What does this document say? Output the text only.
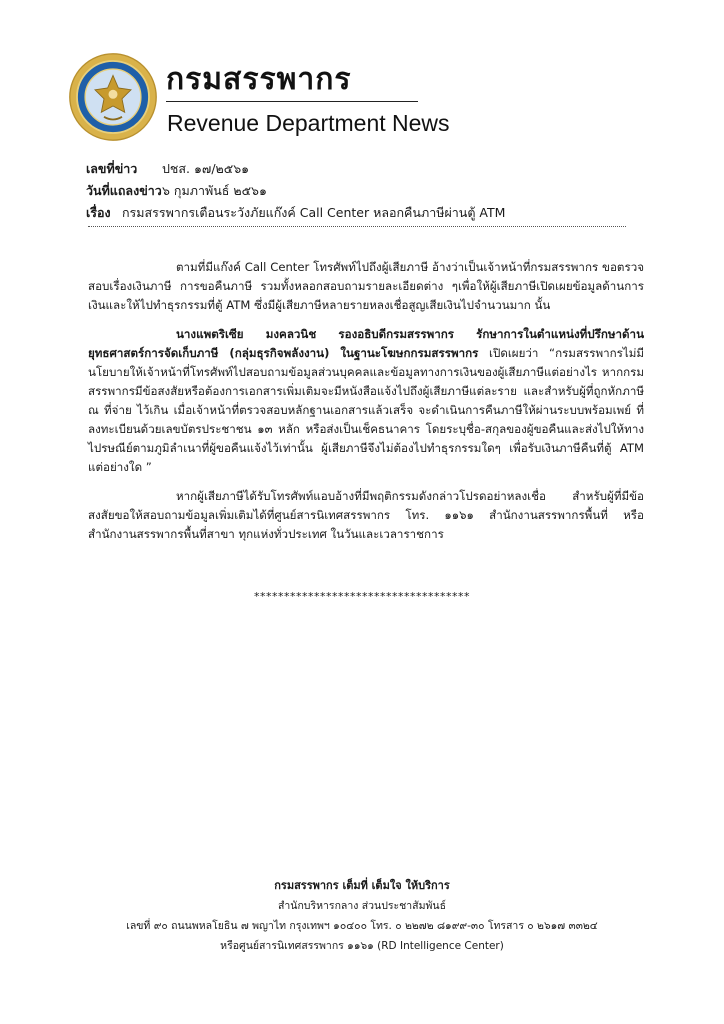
กรมสรรพากร
Revenue Department News
เลขที่ข่าว ปชส. ๑๗/๒๕๖๑
วันที่แถลงข่าว ๖ กุมภาพันธ์ ๒๕๖๑
เรื่อง กรมสรรพากรเตือนระวังภัยแก๊งค์ Call Center หลอกคืนภาษีผ่านตู้ ATM

ตามที่มีแก๊งค์ Call Center โทรศัพท์ไปถึงผู้เสียภาษี อ้างว่าเป็นเจ้าหน้าที่กรมสรรพากร ขอตรวจสอบเรื่องเงินภาษี การขอคืนภาษี รวมทั้งหลอกสอบถามรายละเอียดต่าง ๆเพื่อให้ผู้เสียภาษีเปิดเผยข้อมูลด้านการเงินและให้ไปทำธุรกรรมที่ตู้ ATM ซึ่งมีผู้เสียภาษีหลายรายหลงเชื่อสูญเสียเงินไปจำนวนมาก นั้น

นางแพตริเซีย มงคลวนิช รองอธิบดีกรมสรรพากร รักษาการในตำแหน่งที่ปรึกษาด้านยุทธศาสตร์การจัดเก็บภาษี (กลุ่มธุรกิจพลังงาน) ในฐานะโฆษกกรมสรรพากร เปิดเผยว่า “กรมสรรพากรไม่มีนโยบายให้เจ้าหน้าที่โทรศัพท์ไปสอบถามข้อมูลส่วนบุคคลและข้อมูลทางการเงินของผู้เสียภาษีแต่อย่างไร หากกรมสรรพากรมีข้อสงสัยหรือต้องการเอกสารเพิ่มเติมจะมีหนังสือแจ้งไปถึงผู้เสียภาษีแต่ละราย และสำหรับผู้ที่ถูกหักภาษี ณ ที่จ่าย ไว้เกิน เมื่อเจ้าหน้าที่ตรวจสอบหลักฐานเอกสารแล้วเสร็จ จะดำเนินการคืนภาษีให้ผ่านระบบพร้อมเพย์ ที่ลงทะเบียนด้วยเลขบัตรประชาชน ๑๓ หลัก หรือส่งเป็นเช็คธนาคาร โดยระบุชื่อ-สกุลของผู้ขอคืนและส่งไปให้ทางไปรษณีย์ตามภูมิลำเนาที่ผู้ขอคืนแจ้งไว้เท่านั้น ผู้เสียภาษีจึงไม่ต้องไปทำธุรกรรมใดๆ เพื่อรับเงินภาษีคืนที่ตู้ ATM แต่อย่างใด ”

หากผู้เสียภาษีได้รับโทรศัพท์แอบอ้างที่มีพฤติกรรมดังกล่าวโปรดอย่าหลงเชื่อ สำหรับผู้ที่มีข้อสงสัยขอให้สอบถามข้อมูลเพิ่มเติมได้ที่ศูนย์สารนิเทศสรรพากร โทร. ๑๑๖๑ สำนักงานสรรพากรพื้นที่ หรือสำนักงานสรรพากรพื้นที่สาขา ทุกแห่งทั่วประเทศ ในวันและเวลาราชการ

************************************
กรมสรรพากร เต็มที่ เต็มใจ ให้บริการ
สำนักบริหารกลาง ส่วนประชาสัมพันธ์
เลขที่ ๙๐ ถนนพหลโยธิน ๗ พญาไท กรุงเทพฯ ๑๐๔๐๐ โทร. ๐ ๒๒๗๒ ๘๑๙๙-๓๐ โทรสาร ๐ ๒๖๑๗ ๓๓๒๔
หรือศูนย์สารนิเทศสรรพากร ๑๑๖๑ (RD Intelligence Center)
